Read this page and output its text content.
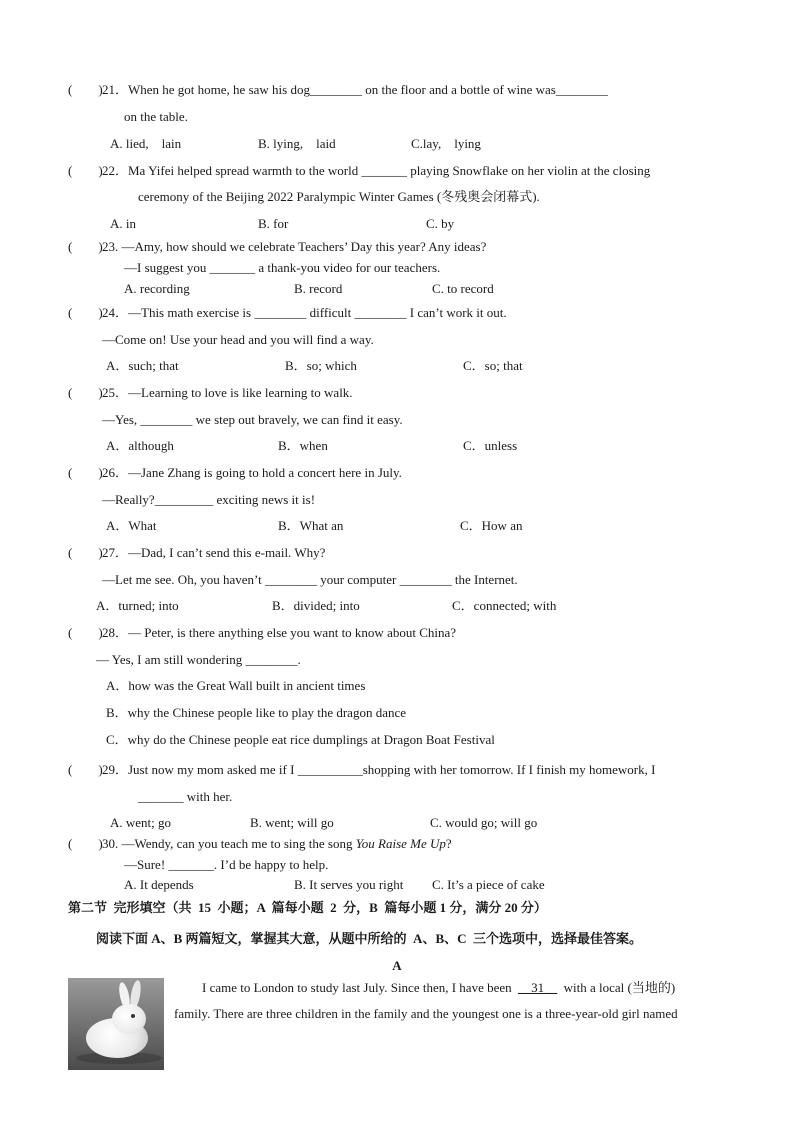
(        ) 21．When he got home, he saw his dog________ on the floor and a bottle of wine was________
on the table.
A. lied,    lain	B. lying,    laid	C.lay,    lying
(        ) 22．Ma Yifei helped spread warmth to the world _______ playing Snowflake on her violin at the closing
ceremony of the Beijing 2022 Paralympic Winter Games (冬残奥会闭幕式).
A. in	B. for	C. by
(        ) 23. —Amy, how should we celebrate Teachers’ Day this year? Any ideas?
—I suggest you _______ a thank-you video for our teachers.
A. recording	B. record	C. to record
(        ) 24．—This math exercise is ________ difficult ________ I can’t work it out.
—Come on! Use your head and you will find a way.
A．such; that	B．so; which	C．so; that
(        ) 25．—Learning to love is like learning to walk.
—Yes, ________ we step out bravely, we can find it easy.
A．although	B．when	C．unless
(        ) 26．—Jane Zhang is going to hold a concert here in July.
—Really?_________ exciting news it is!
A．What	B．What an	C．How an
(        ) 27．—Dad, I can’t send this e-mail. Why?
—Let me see. Oh, you haven’t ________ your computer ________ the Internet.
A．turned; into	B．divided; into	C．connected; with
(        ) 28．— Peter, is there anything else you want to know about China?
— Yes, I am still wondering ________.
A．how was the Great Wall built in ancient times
B．why the Chinese people like to play the dragon dance
C．why do the Chinese people eat rice dumplings at Dragon Boat Festival
(        ) 29．Just now my mom asked me if I __________shopping with her tomorrow. If I finish my homework, I
_______ with her.
A. went; go	B. went; will go	C. would go; will go
(        ) 30. —Wendy, can you teach me to sing the song You Raise Me Up?
—Sure! _______. I’d be happy to help.
A. It depends	B. It serves you right C. It’s a piece of cake
第二节  完形填空（共  15  小题；A  篇每小题  2  分，B  篇每小题 1 分，满分 20 分）
阅读下面 A、B 两篇短文，掌握其大意，从题中所给的  A、B、C  三个选项中，选择最佳答案。
A
I came to London to study last July. Since then, I have been  __31__  with a local (当地的)
family. There are three children in the family and the youngest one is a three-year-old girl named
